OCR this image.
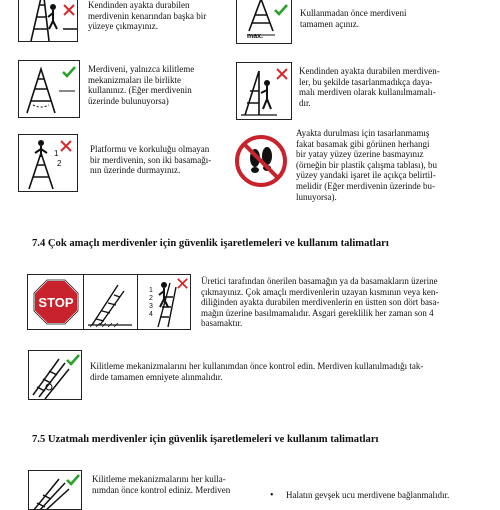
Kendinden ayakta durabilen
merdivenin kenarından başka bir
yüzeye çıkmayınız.
max.
Kullanmadan önce merdiveni
tamamen açınız.
Merdiveni, yalnızca kilitleme
mekanizmaları ile birlikte
kullanınız. (Eğer merdivenin
üzerinde bulunuyorsa)
Kendinden ayakta durabilen merdiven-
ler, bu şekilde tasarlanmadıkça daya-
malı merdiven olarak kullanılmamalı-
dır.
1
2
Platformu ve korkuluğu olmayan
bir merdivenin, son iki basamağı-
nın üzerinde durmayınız.
Ayakta durulması için tasarlanmamış
fakat basamak gibi görünen herhangi
bir yatay yüzey üzerine basmayınız
(örneğin bir plastik çalışma tablası), bu
yüzey yandaki işaret ile açıkça belirtil-
melidir (Eğer merdivenin üzerinde bu-
lunuyorsa).
7.4 Çok amaçlı merdivenler için güvenlik işaretlemeleri ve kullanım talimatları
STOP
1
2
3
4
Üretici tarafından önerilen basamağın ya da basamakların üzerine
çıkmayınız. Çok amaçlı merdivenlerin uzayan kısmının veya ken-
diliğinden ayakta durabilen merdivenlerin en üstten son dört basa-
mağın üzerine basılmamalıdır. Asgari gereklilik her zaman son 4
basamaktır.
Kilitleme mekanizmalarını her kullanımdan önce kontrol edin. Merdiven kullanılmadığı tak-
dirde tamamen emniyete alınmalıdır.
7.5 Uzatmalı merdivenler için güvenlik işaretlemeleri ve kullanım talimatları
Kilitleme mekanizmalarını her kulla-
nımdan önce kontrol ediniz. Merdiven
• Halatın gevşek ucu merdivene bağlanmalıdır.
